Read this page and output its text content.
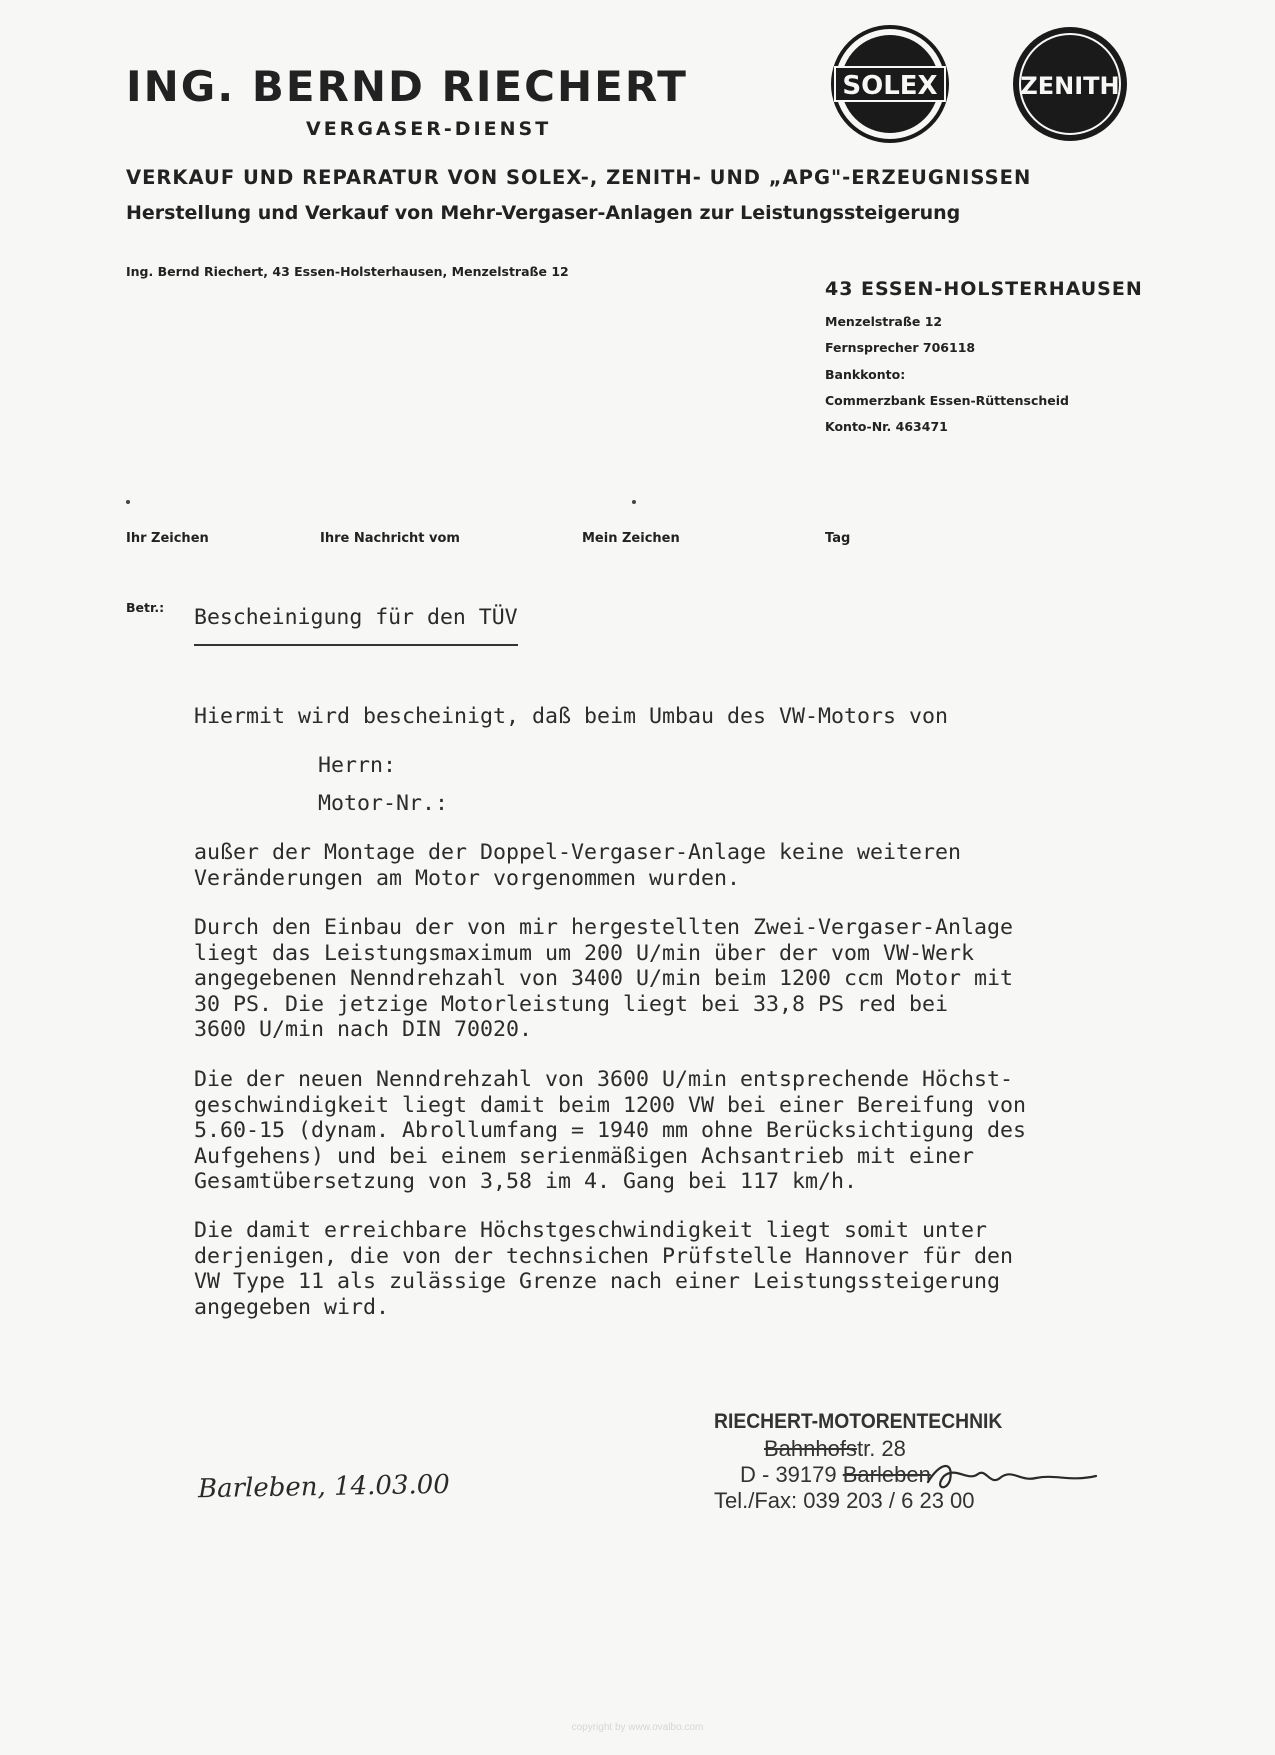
ING. BERND RIECHERT
VERGASER-DIENST
SOLEX	ZENITH
VERKAUF UND REPARATUR VON SOLEX-, ZENITH- UND „APG"-ERZEUGNISSEN
Herstellung und Verkauf von Mehr-Vergaser-Anlagen zur Leistungssteigerung
Ing. Bernd Riechert, 43 Essen-Holsterhausen, Menzelstraße 12
43 ESSEN-HOLSTERHAUSEN
Menzelstraße 12
Fernsprecher 706118
Bankkonto:
Commerzbank Essen-Rüttenscheid
Konto-Nr. 463471
Ihr Zeichen	Ihre Nachricht vom	Mein Zeichen	Tag
Betr.: Bescheinigung für den TÜV
Hiermit wird bescheinigt, daß beim Umbau des VW-Motors von
Herrn:
Motor-Nr.:
außer der Montage der Doppel-Vergaser-Anlage keine weiteren
Veränderungen am Motor vorgenommen wurden.
Durch den Einbau der von mir hergestellten Zwei-Vergaser-Anlage
liegt das Leistungsmaximum um 200 U/min über der vom VW-Werk
angegebenen Nenndrehzahl von 3400 U/min beim 1200 ccm Motor mit
30 PS. Die jetzige Motorleistung liegt bei 33,8 PS red bei
3600 U/min nach DIN 70020.
Die der neuen Nenndrehzahl von 3600 U/min entsprechende Höchst-
geschwindigkeit liegt damit beim 1200 VW bei einer Bereifung von
5.60-15 (dynam. Abrollumfang = 1940 mm ohne Berücksichtigung des
Aufgehens) und bei einem serienmäßigen Achsantrieb mit einer
Gesamtübersetzung von 3,58 im 4. Gang bei 117 km/h.
Die damit erreichbare Höchstgeschwindigkeit liegt somit unter
derjenigen, die von der technsichen Prüfstelle Hannover für den
VW Type 11 als zulässige Grenze nach einer Leistungssteigerung
angegeben wird.
RIECHERT-MOTORENTECHNIK
Bahnhofstr. 28
D - 39179 Barleben
Tel./Fax: 039 203 / 6 23 00
Barleben, 14.03.00
copyright by www.ovalbo.com
